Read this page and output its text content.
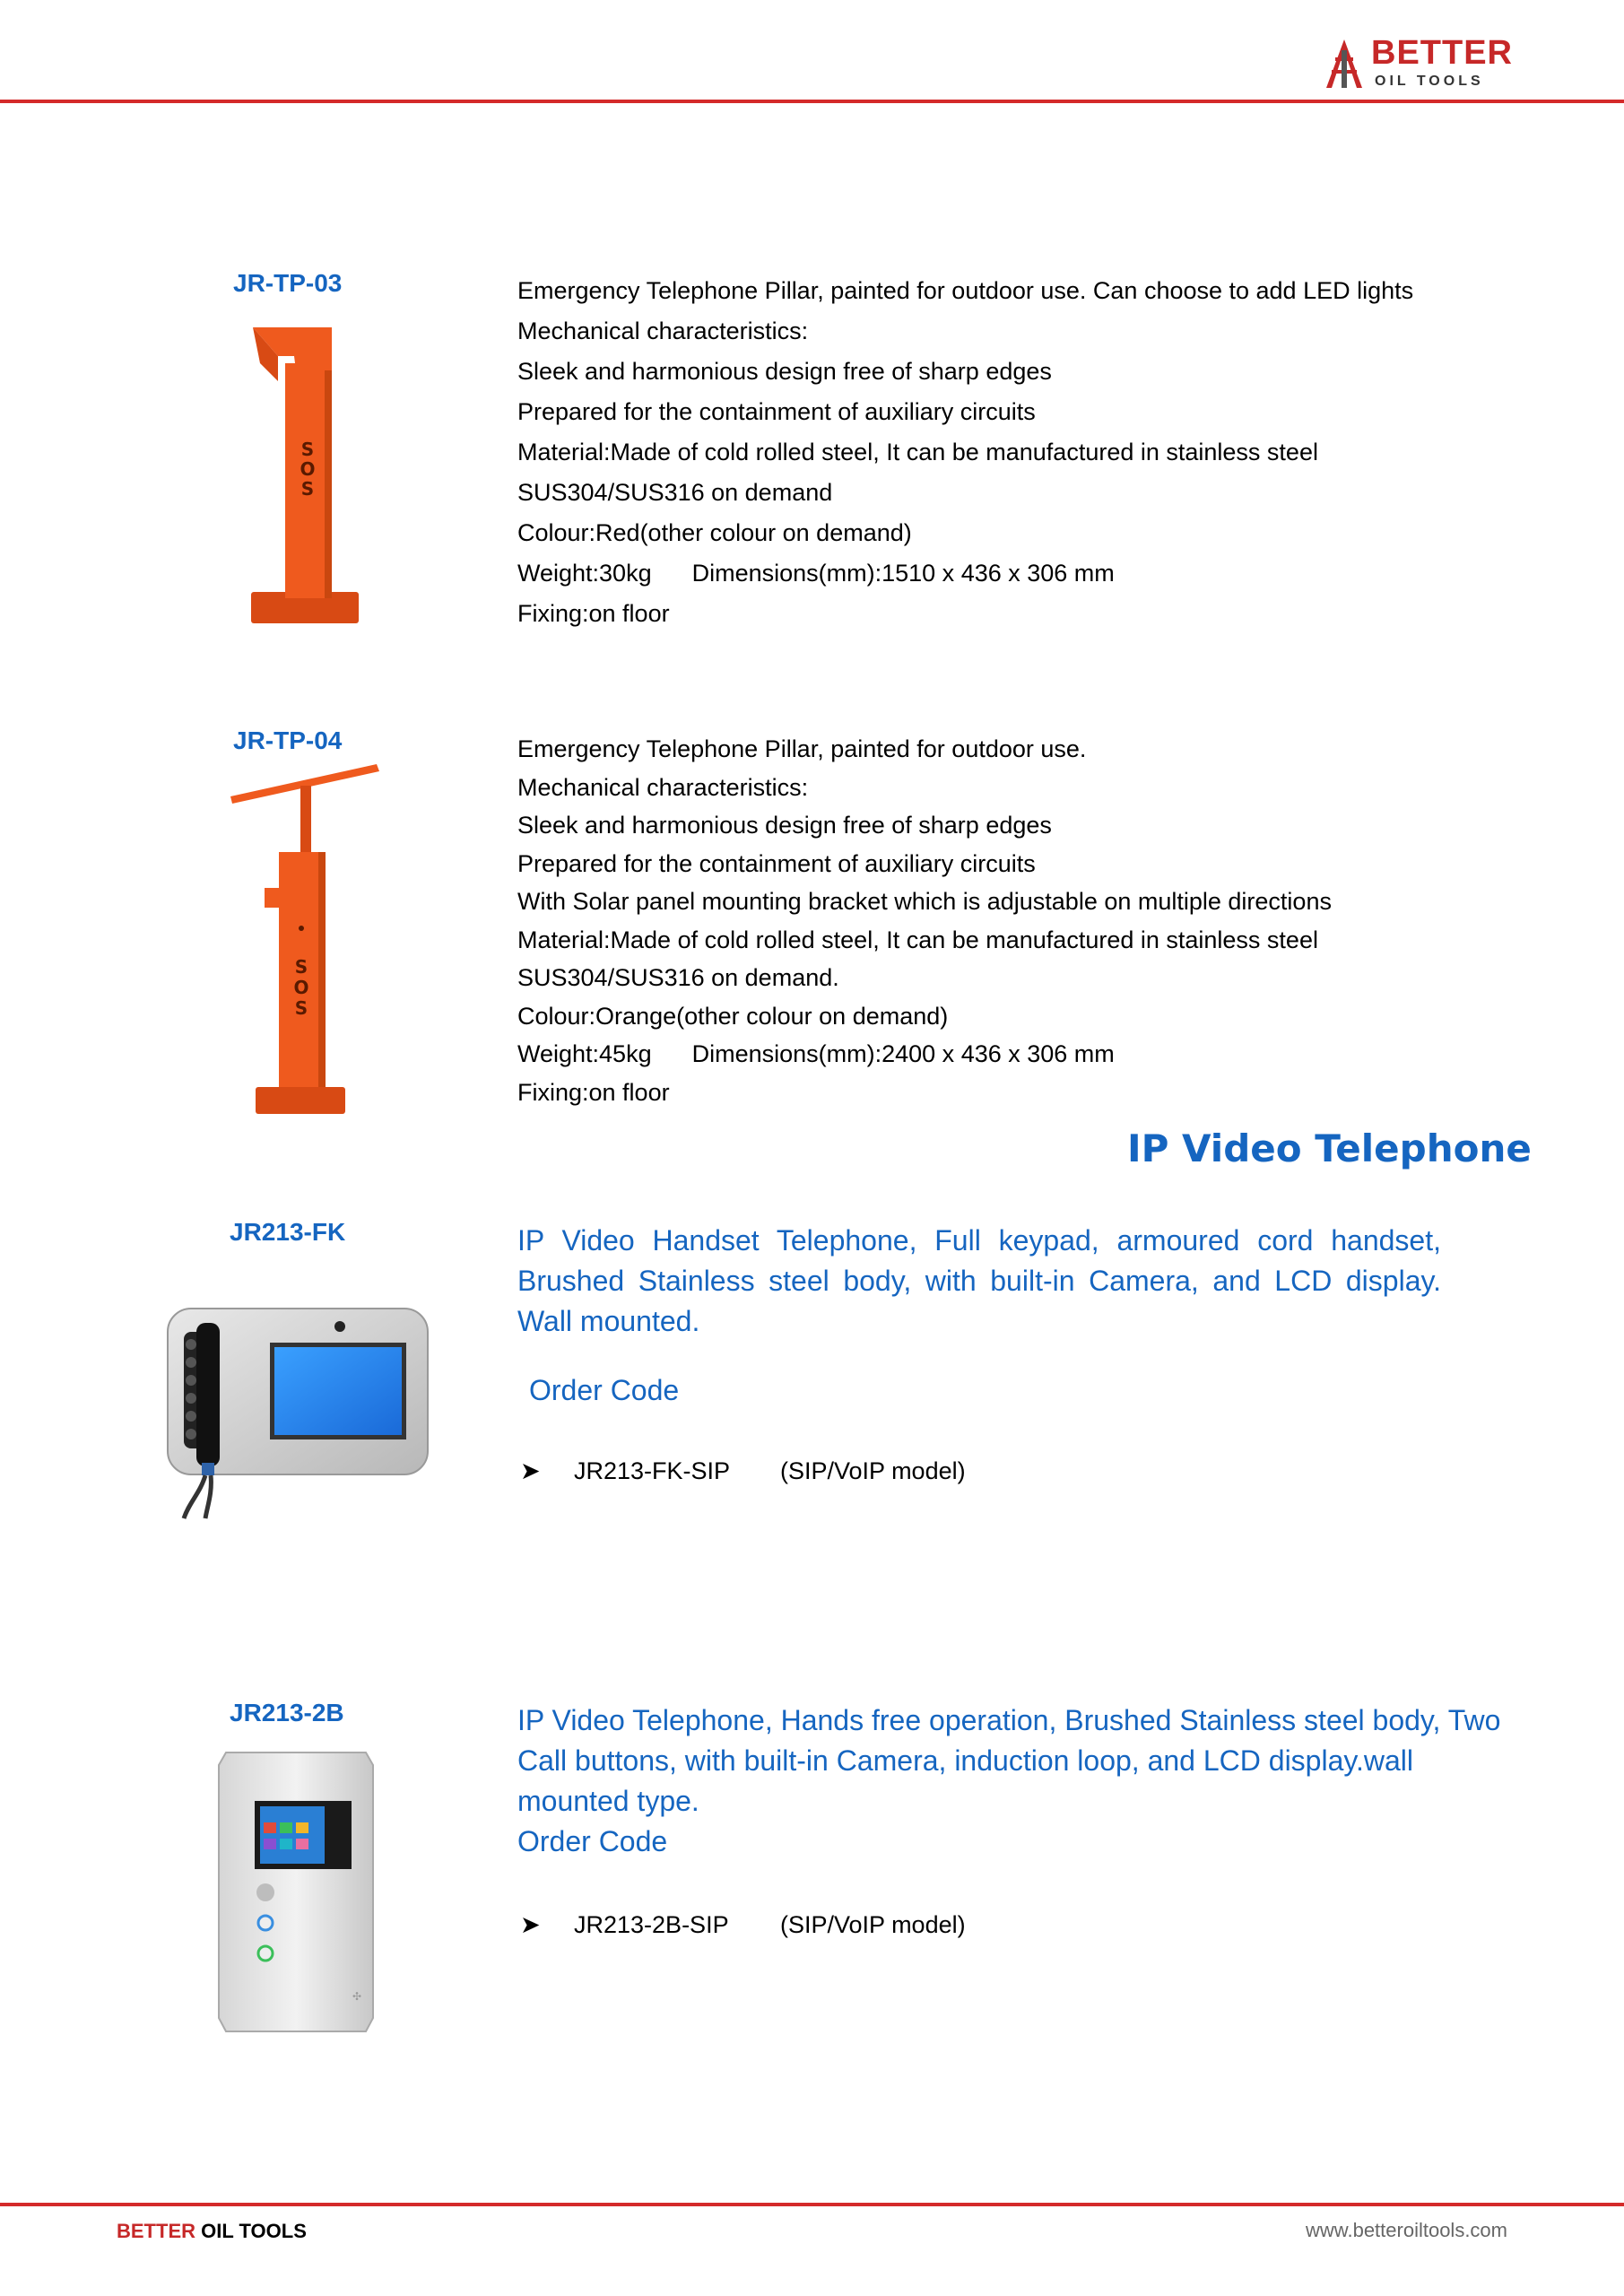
BETTER
OIL TOOLS
JR-TP-03
S
O
S

Emergency Telephone Pillar, painted for outdoor use. Can choose to add LED lights

Mechanical characteristics:

Sleek and harmonious design free of sharp edges

Prepared for the containment of auxiliary circuits

Material:Made of cold rolled steel, It can be manufactured in stainless steel

SUS304/SUS316 on demand

Colour:Red(other colour on demand)

Weight:30kg      Dimensions(mm):1510 x 436 x 306 mm

Fixing:on floor

JR-TP-04
S
O
S

Emergency Telephone Pillar, painted for outdoor use.

Mechanical characteristics:

Sleek and harmonious design free of sharp edges

Prepared for the containment of auxiliary circuits

With Solar panel mounting bracket which is adjustable on multiple directions

Material:Made of cold rolled steel, It can be manufactured in stainless steel

SUS304/SUS316 on demand.

Colour:Orange(other colour on demand)

Weight:45kg      Dimensions(mm):2400 x 436 x 306 mm

Fixing:on floor

IP Video Telephone
JR213-FK	IP Video Handset Telephone, Full keypad, armoured cord handset,
Brushed Stainless steel body, with built-in Camera, and LCD display.
Wall mounted.
Order Code
➤ JR213-FK-SIP (SIP/VoIP model)
JR213-2B
✣
IP Video Telephone, Hands free operation, Brushed Stainless steel body, Two
Call buttons, with built-in Camera, induction loop, and LCD display.wall
mounted type.
Order Code
➤ JR213-2B-SIP (SIP/VoIP model)
BETTER OIL TOOLS	www.betteroiltools.com
